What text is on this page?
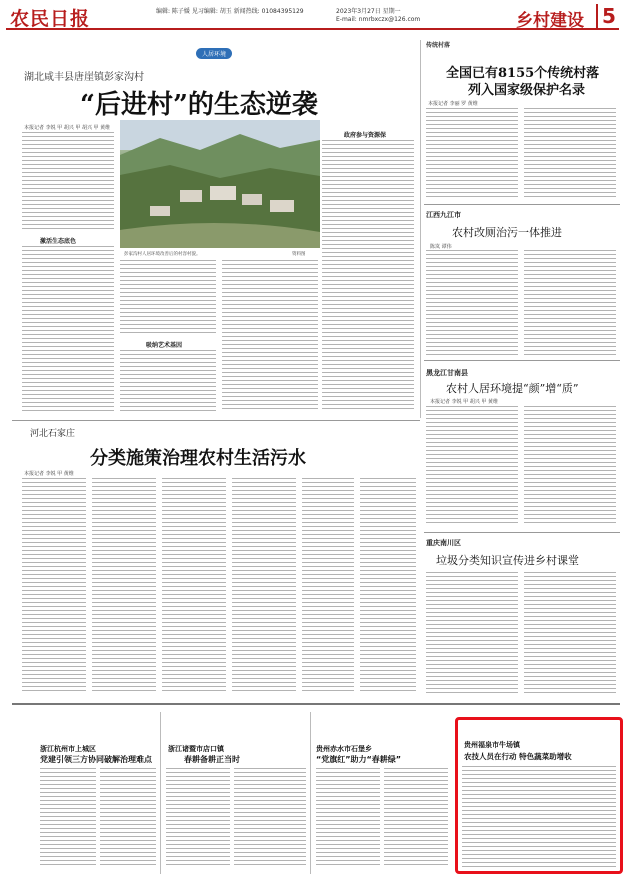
农民日报	编辑: 陈子媛 见习编辑: 胡玉 新闻热线: 01084395129	2023年3月27日 星期一
E-mail: nmrbxczx@126.com	乡村建设 5
人居环境
湖北咸丰县唐崖镇彭家沟村
“后进村”的生态逆袭
本报记者 李锐 甲 胡兴 甲 胡兴 甲 黄维
激活生态底色
彭家沟村人居环境改善后的村容村貌。	资料图
吸纳艺术基因
政府参与资源保
传统村落
全国已有8155个传统村落
列入国家级保护名录
本报记者 李丽 罗 黄维
江西九江市
农村改厕治污一体推进
陈岚 谭伟
黑龙江甘南县
农村人居环境提“颜”增“质”
本报记者 李锐 甲 胡兴 甲 黄维
河北石家庄
分类施策治理农村生活污水
本报记者 李锐 甲 黄维
重庆南川区
垃圾分类知识宣传进乡村课堂
浙江杭州市上城区
党建引领三方协同破解治理难点
浙江诸暨市店口镇
春耕备耕正当时
贵州赤水市石堡乡
“党旗红”助力“春耕绿”
贵州福泉市牛场镇
农技人员在行动 特色蔬菜助增收
